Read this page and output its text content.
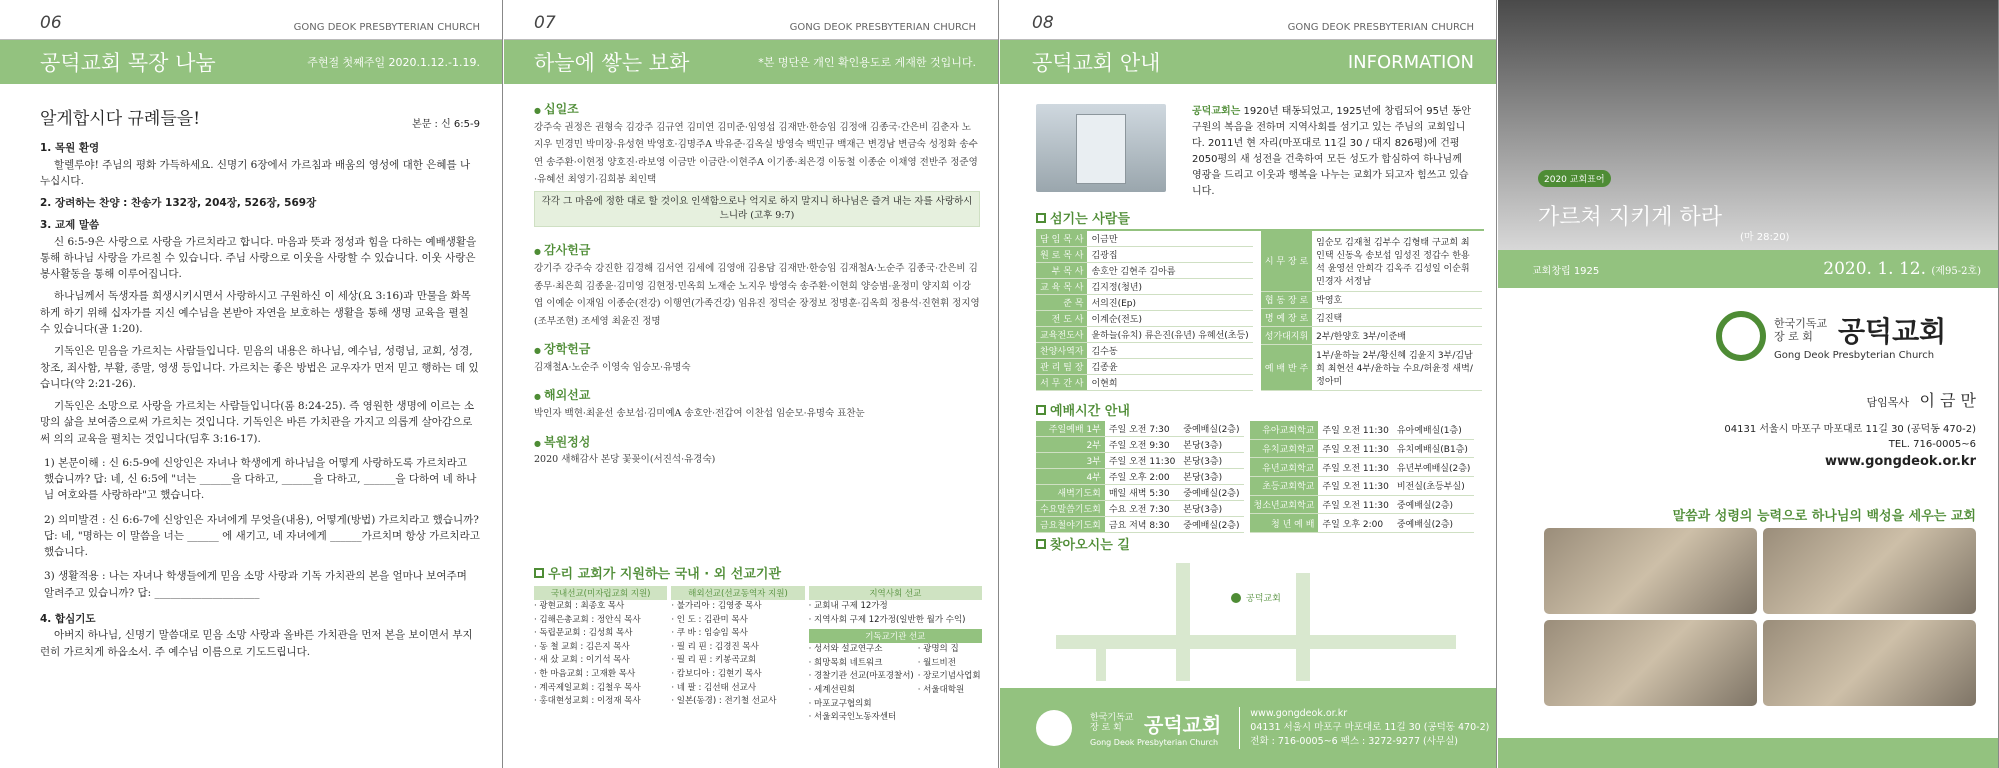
06	GONG DEOK PRESBYTERIAN CHURCH
공덕교회 목장 나눔	주현절 첫째주일 2020.1.12.-1.19.
알게합시다 규례들을!	본문 : 신 6:5-9
1. 목원 환영

할렐루야! 주님의 평화 가득하세요. 신명기 6장에서 가르침과 배움의 영성에 대한 은혜를 나누십시다.

2. 장려하는 찬양 : 찬송가 132장, 204장, 526장, 569장
3. 교제 말씀

신 6:5-9은 사랑으로 사랑을 가르치라고 합니다. 마음과 뜻과 정성과 힘을 다하는 예배생활을 통해 하나님 사랑을 가르칠 수 있습니다. 주님 사랑으로 이웃을 사랑할 수 있습니다. 이웃 사랑은 봉사활동을 통해 이루어집니다.

하나님께서 독생자를 희생시키시면서 사랑하시고 구원하신 이 세상(요 3:16)과 만물을 화목하게 하기 위해 십자가를 지신 예수님을 본받아 자연을 보호하는 생활을 통해 생명 교육을 펼칠 수 있습니다(골 1:20).

기독인은 믿음을 가르치는 사람들입니다. 믿음의 내용은 하나님, 예수님, 성령님, 교회, 성경, 창조, 죄사함, 부활, 종말, 영생 등입니다. 가르치는 좋은 방법은 교우자가 먼저 믿고 행하는 데 있습니다(약 2:21-26).

기독인은 소망으로 사랑을 가르치는 사람들입니다(롬 8:24-25). 즉 영원한 생명에 이르는 소망의 삶을 보여줌으로써 가르치는 것입니다. 기독인은 바른 가치관을 가지고 의롭게 살아감으로써 의의 교육을 펼치는 것입니다(딤후 3:16-17).

1) 본문이해 : 신 6:5-9에 신앙인은 자녀나 학생에게 하나님을 어떻게 사랑하도록 가르치라고 했습니까? 답: 네, 신 6:5에 "너는 ______을 다하고, ______을 다하고, ______을 다하여 네 하나님 여호와를 사랑하라"고 했습니다.

2) 의미발견 : 신 6:6-7에 신앙인은 자녀에게 무엇을(내용), 어떻게(방법) 가르치라고 했습니까? 답: 네, "명하는 이 말씀을 너는 ______ 에 새기고, 네 자녀에게 ______가르치며 항상 가르치라고 했습니다.

3) 생활적용 : 나는 자녀나 학생들에게 믿음 소망 사랑과 기독 가치관의 본을 얼마나 보여주며 알려주고 있습니까? 답: ____________________

4. 합심기도

아버지 하나님, 신명기 말씀대로 믿음 소망 사랑과 올바른 가치관을 먼저 본을 보이면서 부지런히 가르치게 하옵소서. 주 예수님 이름으로 기도드립니다.

07	GONG DEOK PRESBYTERIAN CHURCH
하늘에 쌓는 보화	*본 명단은 개인 확인용도로 게재한 것입니다.
● 십일조
강주숙 권정은 권형숙 김강주 김규연 김미연 김미준·임영섭 김재만·한승임 김정애 김종국·간은비 김춘자 노지우 민경민 박미장·유성현 박영호·김명주A 박유준·김옥실 방영숙 백민규 백재근 변경남 변금숙 성정화 송수연 송주환·이현정 양호진·라보영 이금만 이금란·이현주A 이기종·최은경 이동철 이종순 이채영 전반주 정준영·유혜선 최영기·김희봉 최인택
각각 그 마음에 정한 대로 할 것이요 인색함으로나 억지로 하지 말지니 하나님은 즐겨 내는 자를 사랑하시느니라 (고후 9:7)
● 감사헌금
강기주 강주숙 강진한 김경해 김서연 김세에 김영애 김용담 김재만·한승임 김재철A·노순주 김종국·간은비 김종무·최은희 김종윤·김미영 김현정·민옥희 노재순 노지우 방영숙 송주환·이현희 양승범·윤정미 양지희 이강엽 이예순 이재임 이종순(전강) 이행연(가족건강) 임유진 정덕순 장정보 정명훈·김옥희 정용석·진현휘 정지영(조부조현) 조세영 최윤진 정명
● 장학헌금
김재철A·노순주 이영숙 임승모·유명숙
● 해외선교
박인자 백현·최윤선 송보섭·김미예A 송호안·전갑여 이찬섭 임순모·유명숙 표찬눈
● 복원정성
2020 새해감사 본당 꽃꽂이(서진석·유경숙)
우리 교회가 지원하는 국내 · 외 선교기관
국내선교(미자립교회 지원)
· 광현교회 : 최종호 목사
· 김해은총교회 : 정안식 목사
· 독립문교회 : 김성희 목사
· 동 철 교회 : 김은지 목사
· 새 샀 교회 : 이기석 목사
· 한 마음교회 : 고재환 목사
· 계곡제일교회 : 김철우 목사
· 홍대현성교회 : 이정재 목사
해외선교(선교동역자 지원)
· 불가리아 : 김영중 목사
· 인 도 : 김관미 목사
· 쿠 바 : 임승임 목사
· 필 리 핀 : 김경진 목사
· 필 리 핀 : 키봉곡교회
· 캄보디아 : 김현기 목사
· 네 팔 : 김선태 선교사
· 일본(동경) : 전기철 선교사
지역사회 선교
· 교회내 구제 12가정
· 지역사회 구제 12가정(일반한 월가 수익)
기독교기관 선교
· 성서와 설교연구소
· 희망목회 네트워크
· 경찰기관 선교(마포경찰서)
· 세계선린회
· 마포교구협의회
· 서울외국인노동자센터
· 광명의 집
· 월드비전
· 장로기념사업회
· 서울대학원
08	GONG DEOK PRESBYTERIAN CHURCH
공덕교회 안내	INFORMATION

공덕교회는 1920년 태동되었고, 1925년에 창립되어 95년 동안 구원의 복음을 전하며 지역사회를 섬기고 있는 주님의 교회입니다. 2011년 현 자리(마포대로 11길 30 / 대지 826평)에 건평 2050평의 새 성전을 건축하여 모든 성도가 합심하여 하나님께 영광을 드리고 이웃과 행복을 나누는 교회가 되고자 힘쓰고 있습니다.

섬기는 사람들
담 임 목 사	이금만
원 로 목 사	김광집
부 목 사	송호안 김현주 김아름
교 육 목 사	김지정(청년)
준 목	서의진(Ep)
전 도 사	이계순(전도)
교육전도사	윤하늘(유치) 류은진(유년) 유혜선(초등)
찬양사역자	김수동
관 리 팀 장	김종윤
서 무 간 사	이현희
시 무 장 로	임순모 김재철 김부수 김형태 구교희 최인택 신동옥 송보섭 임성진 정갑수 한용석 윤영선 안희각 김옥주 김성일 이순휘 민경자 서정남
협 동 장 로	박영호
명 예 장 로	김진택
성가대지휘	2부/한양호 3부/이준배
예 배 반 주	1부/윤하늘 2부/황신혜 김윤지 3부/김남희 최현선 4부/윤하늘 수요/허윤정 새벽/정아미
예배시간 안내
주일예배 1부	주일 오전 7:30	중예배실(2층)
2부	주일 오전 9:30	본당(3층)
3부	주일 오전 11:30	본당(3층)
4부	주일 오후 2:00	본당(3층)
새벽기도회	매일 새벽 5:30	중예배실(2층)
수요말씀기도회	수요 오전 7:30	본당(3층)
금요철야기도회	금요 저녁 8:30	중예배실(2층)
유아교회학교	주일 오전 11:30	유아예배실(1층)
유치교회학교	주일 오전 11:30	유치예배실(B1층)
유년교회학교	주일 오전 11:30	유년부예배실(2층)
초등교회학교	주일 오전 11:30	비전실(초등부실)
청소년교회학교	주일 오전 11:30	중예배실(2층)
청 년 예 배	주일 오후 2:00	중예배실(2층)
찾아오시는 길
공덕교회
한국기독교 장 로 회	공덕교회
Gong Deok Presbyterian Church
www.gongdeok.or.kr
04131 서울시 마포구 마포대로 11길 30 (공덕동 470-2)
전화 : 716-0005~6 팩스 : 3272-9277 (사무실)
2020 교회표어
가르쳐 지키게 하라
(마 28:20)
교회창립 1925	2020. 1. 12. (제95-2호)
한국기독교 장 로 회 공덕교회
Gong Deok Presbyterian Church
담임목사 이 금 만
04131 서울시 마포구 마포대로 11길 30 (공덕동 470-2)
TEL. 716-0005~6
www.gongdeok.or.kr
말씀과 성령의 능력으로 하나님의 백성을 세우는 교회
